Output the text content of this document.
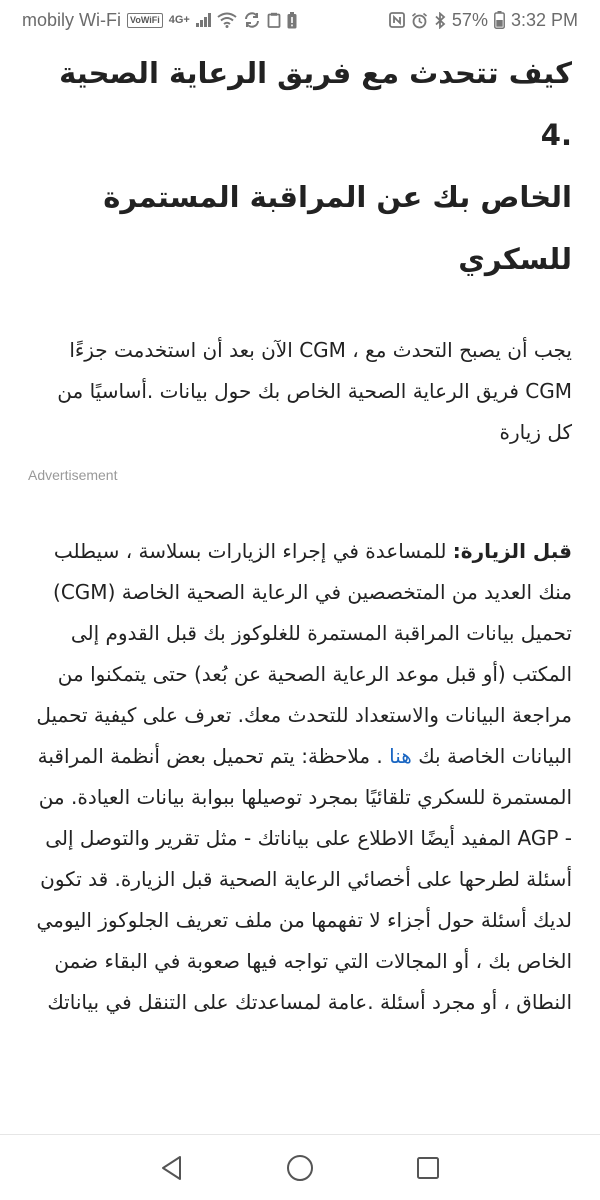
mobily Wi-Fi	VoWiFi 4G+	57% 3:32 PM
كيف تتحدث مع فريق الرعاية الصحية .4
الخاص بك عن المراقبة المستمرة للسكري

يجب أن يصبح التحدث مع ، CGM الآن بعد أن استخدمت جزءًا CGM فريق الرعاية الصحية الخاص بك حول بيانات .أساسيًا من كل زيارة

Advertisement

قبل الزيارة: للمساعدة في إجراء الزيارات بسلاسة ، سيطلب منك العديد من المتخصصين في الرعاية الصحية الخاصة (CGM) تحميل بيانات المراقبة المستمرة للغلوكوز بك قبل القدوم إلى المكتب (أو قبل موعد الرعاية الصحية عن بُعد) حتى يتمكنوا من مراجعة البيانات والاستعداد للتحدث معك. تعرف على كيفية تحميل البيانات الخاصة بك هنا . ملاحظة: يتم تحميل بعض أنظمة المراقبة المستمرة للسكري تلقائيًا بمجرد توصيلها ببوابة بيانات العيادة. من - AGP المفيد أيضًا الاطلاع على بياناتك - مثل تقرير والتوصل إلى أسئلة لطرحها على أخصائي الرعاية الصحية قبل الزيارة. قد تكون لديك أسئلة حول أجزاء لا تفهمها من ملف تعريف الجلوكوز اليومي الخاص بك ، أو المجالات التي تواجه فيها صعوبة في البقاء ضمن النطاق ، أو مجرد أسئلة .عامة لمساعدتك على التنقل في بياناتك
